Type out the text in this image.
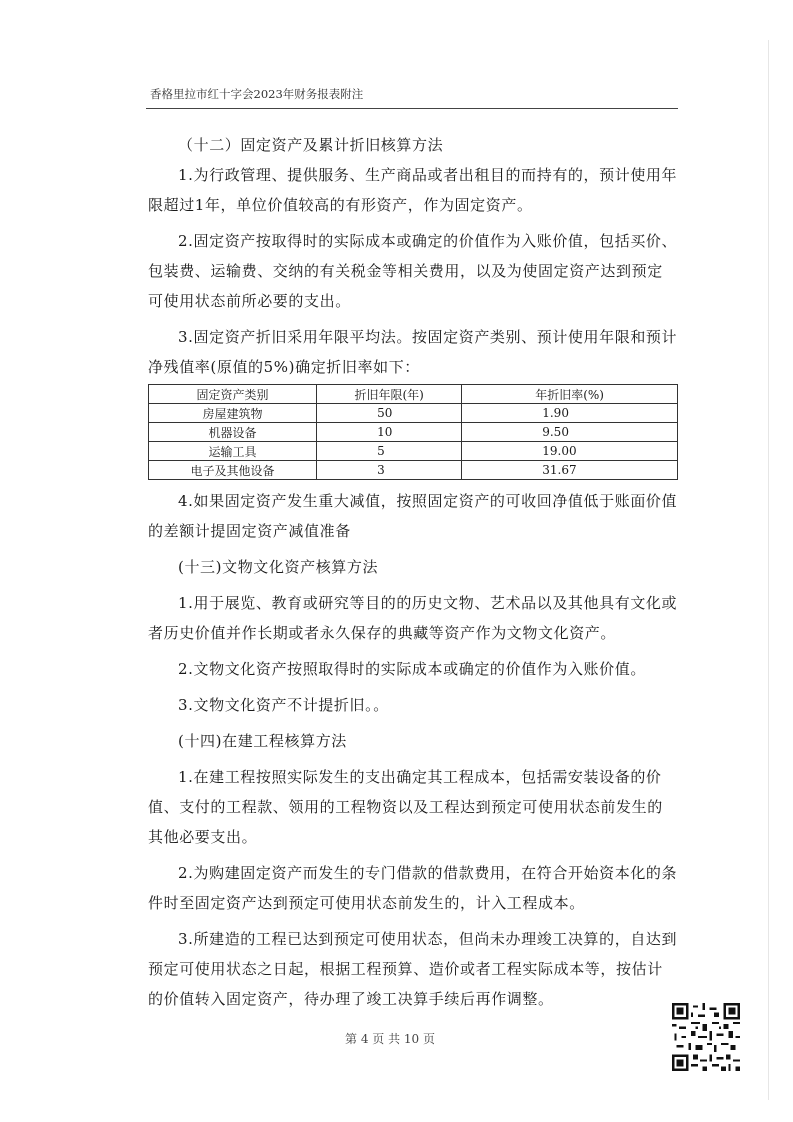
香格里拉市红十字会2023年财务报表附注

（十二）固定资产及累计折旧核算方法

1.为行政管理、提供服务、生产商品或者出租目的而持有的，预计使用年限超过1年，单位价值较高的有形资产，作为固定资产。

2.固定资产按取得时的实际成本或确定的价值作为入账价值，包括买价、包装费、运输费、交纳的有关税金等相关费用，以及为使固定资产达到预定可使用状态前所必要的支出。

3.固定资产折旧采用年限平均法。按固定资产类别、预计使用年限和预计净残值率(原值的5%)确定折旧率如下：

固定资产类别	折旧年限(年)	年折旧率(%)
房屋建筑物	50	1.90
机器设备	10	9.50
运输工具	5	19.00
电子及其他设备	3	31.67

4.如果固定资产发生重大减值，按照固定资产的可收回净值低于账面价值的差额计提固定资产减值准备

(十三)文物文化资产核算方法

1.用于展览、教育或研究等目的的历史文物、艺术品以及其他具有文化或者历史价值并作长期或者永久保存的典藏等资产作为文物文化资产。

2.文物文化资产按照取得时的实际成本或确定的价值作为入账价值。

3.文物文化资产不计提折旧。。

(十四)在建工程核算方法

1.在建工程按照实际发生的支出确定其工程成本，包括需安装设备的价值、支付的工程款、领用的工程物资以及工程达到预定可使用状态前发生的其他必要支出。

2.为购建固定资产而发生的专门借款的借款费用，在符合开始资本化的条件时至固定资产达到预定可使用状态前发生的，计入工程成本。

3.所建造的工程已达到预定可使用状态，但尚未办理竣工决算的，自达到预定可使用状态之日起，根据工程预算、造价或者工程实际成本等，按估计的价值转入固定资产，待办理了竣工决算手续后再作调整。

第 4 页 共 10 页
